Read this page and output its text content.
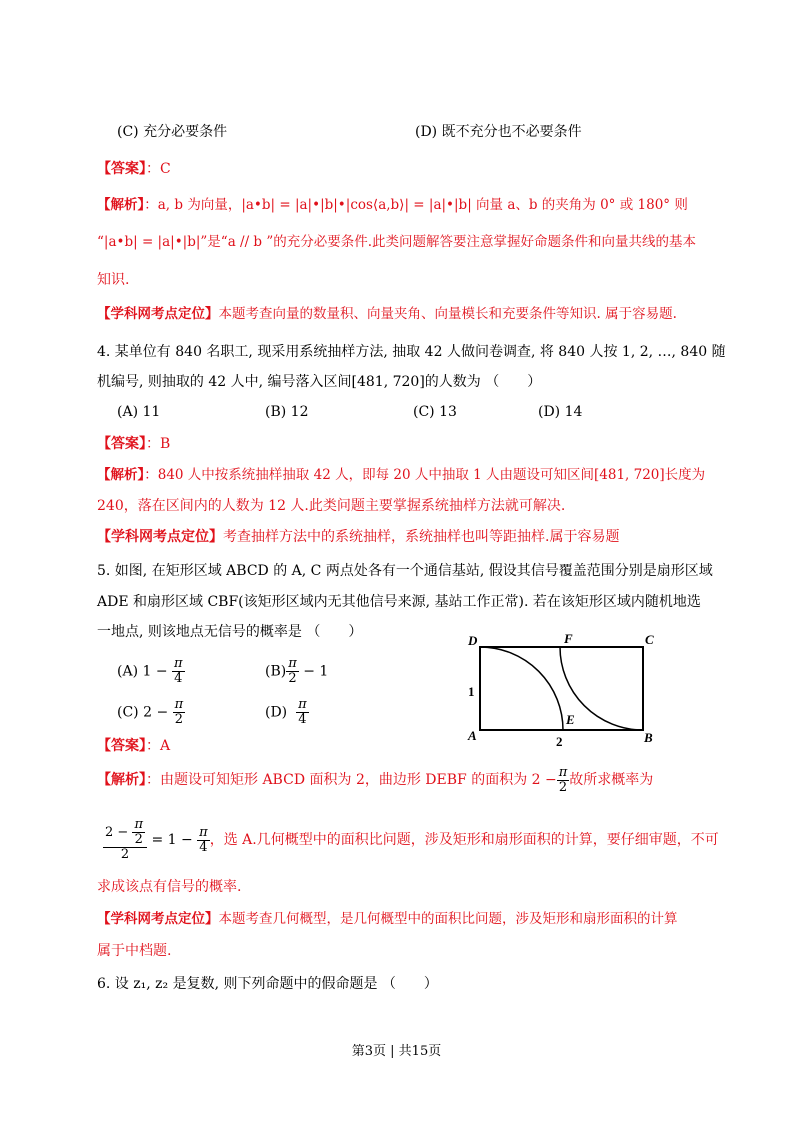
(C) 充分必要条件	(D) 既不充分也不必要条件
【答案】：C
【解析】：a, b 为向量，|a•b| = |a|•|b|•|cos⟨a,b⟩| = |a|•|b| 向量 a、b 的夹角为 0° 或 180° 则
“|a•b| = |a|•|b|”是“a // b ”的充分必要条件.此类问题解答要注意掌握好命题条件和向量共线的基本
知识.
【学科网考点定位】本题考查向量的数量积、向量夹角、向量模长和充要条件等知识. 属于容易题.
4. 某单位有 840 名职工, 现采用系统抽样方法, 抽取 42 人做问卷调查, 将 840 人按 1, 2, …, 840 随
机编号, 则抽取的 42 人中, 编号落入区间[481, 720]的人数为 （　　）
(A) 11	(B) 12	(C) 13	(D) 14
【答案】：B
【解析】：840 人中按系统抽样抽取 42 人，即每 20 人中抽取 1 人由题设可知区间[481, 720]长度为
240，落在区间内的人数为 12 人.此类问题主要掌握系统抽样方法就可解决.
【学科网考点定位】考查抽样方法中的系统抽样，系统抽样也叫等距抽样.属于容易题
5. 如图, 在矩形区域 ABCD 的 A, C 两点处各有一个通信基站, 假设其信号覆盖范围分别是扇形区域
ADE 和扇形区域 CBF(该矩形区域内无其他信号来源, 基站工作正常). 若在该矩形区域内随机地选
一地点, 则该地点无信号的概率是 （　　）
(A) $1 - \frac{\pi}{4}$	$(B) \frac{\pi}{2} - 1$
(C) $2 - \frac{\pi}{2}$	$(D) \frac{\pi}{4}$
D	F	C
A
E
B
1
2
【答案】：A
【解析】：由题设可知矩形 ABCD 面积为 2，曲边形 DEBF 的面积为 $2 - \frac{\pi}{2}$ 故所求概率为
$\frac{2 - \frac{\pi}{2}}{2} = 1 - \frac{\pi}{4}$ ，选 A.几何概型中的面积比问题，涉及矩形和扇形面积的计算，要仔细审题，不可
求成该点有信号的概率.
【学科网考点定位】本题考查几何概型，是几何概型中的面积比问题，涉及矩形和扇形面积的计算
属于中档题.
6. 设 z₁, z₂ 是复数, 则下列命题中的假命题是 （　　）
第3页 | 共15页
